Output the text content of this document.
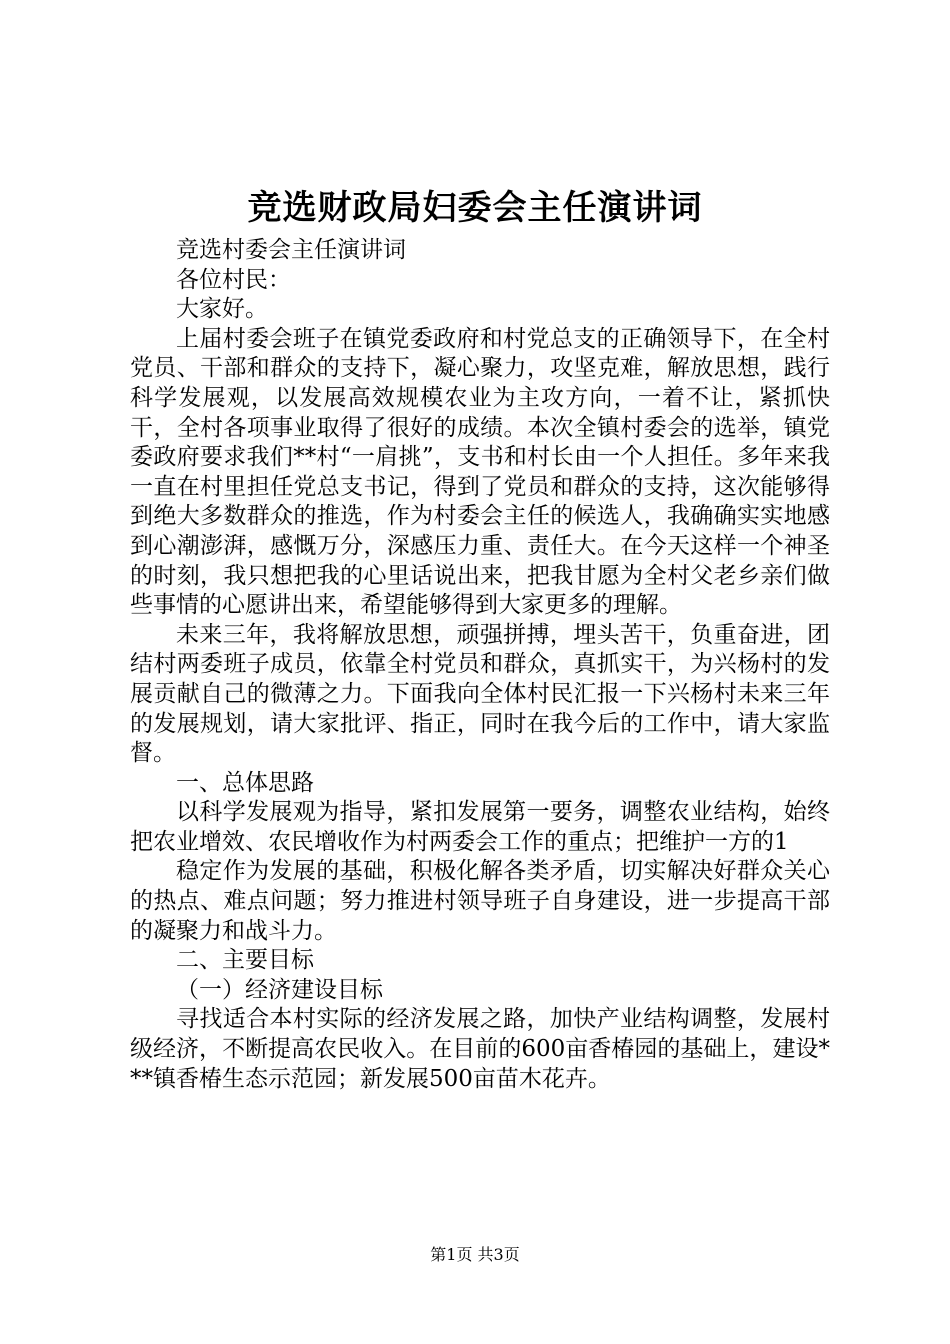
竞选财政局妇委会主任演讲词

竞选村委会主任演讲词

各位村民：

大家好。

上届村委会班子在镇党委政府和村党总支的正确领导下，在全村党员、干部和群众的支持下，凝心聚力，攻坚克难，解放思想，践行科学发展观，以发展高效规模农业为主攻方向，一着不让，紧抓快干，全村各项事业取得了很好的成绩。本次全镇村委会的选举，镇党委政府要求我们**村“一肩挑”，支书和村长由一个人担任。多年来我一直在村里担任党总支书记，得到了党员和群众的支持，这次能够得到绝大多数群众的推选，作为村委会主任的候选人，我确确实实地感到心潮澎湃，感慨万分，深感压力重、责任大。在今天这样一个神圣的时刻，我只想把我的心里话说出来，把我甘愿为全村父老乡亲们做些事情的心愿讲出来，希望能够得到大家更多的理解。

未来三年，我将解放思想，顽强拼搏，埋头苦干，负重奋进，团结村两委班子成员，依靠全村党员和群众，真抓实干，为兴杨村的发展贡献自己的微薄之力。下面我向全体村民汇报一下兴杨村未来三年的发展规划，请大家批评、指正，同时在我今后的工作中，请大家监督。

一、总体思路

以科学发展观为指导，紧扣发展第一要务，调整农业结构，始终把农业增效、农民增收作为村两委会工作的重点；把维护一方的1

稳定作为发展的基础，积极化解各类矛盾，切实解决好群众关心的热点、难点问题；努力推进村领导班子自身建设，进一步提高干部的凝聚力和战斗力。

二、主要目标

（一）经济建设目标

寻找适合本村实际的经济发展之路，加快产业结构调整，发展村级经济，不断提高农民收入。在目前的600亩香椿园的基础上，建设***镇香椿生态示范园；新发展500亩苗木花卉。

第1页 共3页
